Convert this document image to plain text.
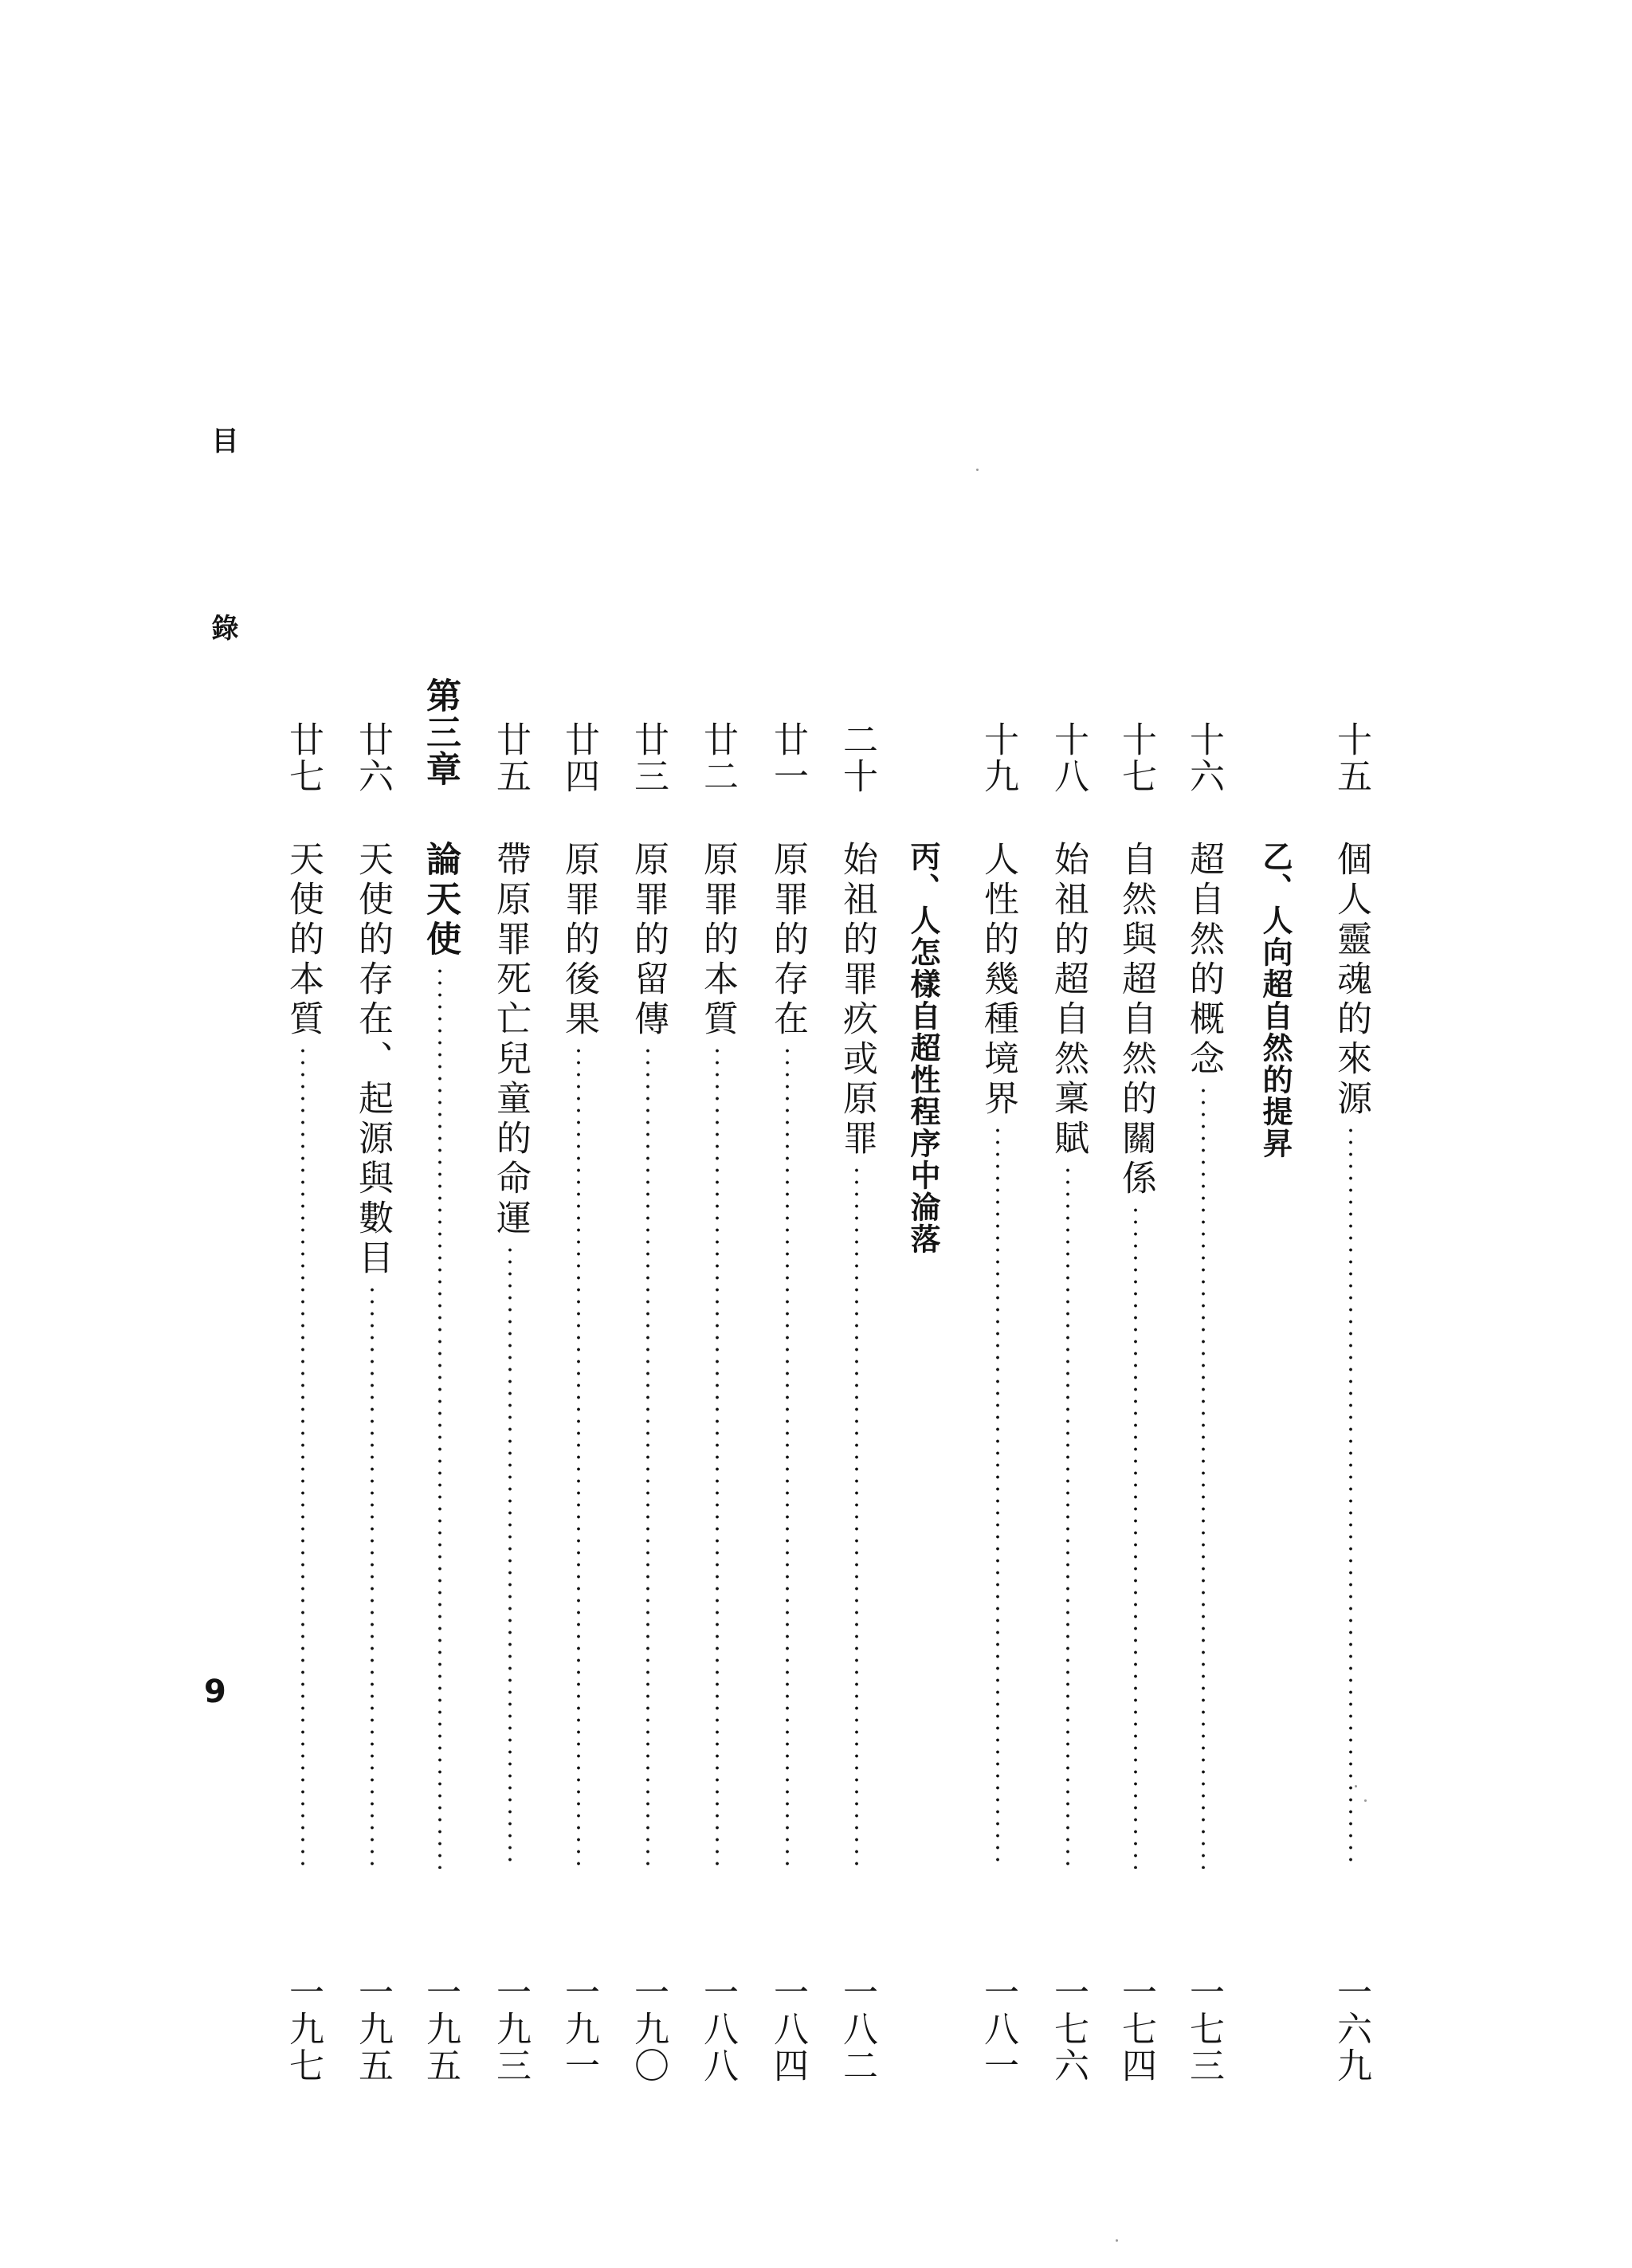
目
錄
9
十五
個人靈魂的來源
一六九
乙、人向超自然的提昇
十六
超自然的概念
一七三
十七
自然與超自然的關係
一七四
十八
始祖的超自然稟賦
一七六
十九
人性的幾種境界
一八一
丙、人怎樣自超性程序中淪落
二十
始祖的罪疚或原罪
一八二
廿一
原罪的存在
一八四
廿二
原罪的本質
一八八
廿三
原罪的留傳
一九〇
廿四
原罪的後果
一九一
廿五
帶原罪死亡兒童的命運
一九三
第三章
論天使
一九五
廿六
天使的存在、起源與數目
一九五
廿七
天使的本質
一九七
